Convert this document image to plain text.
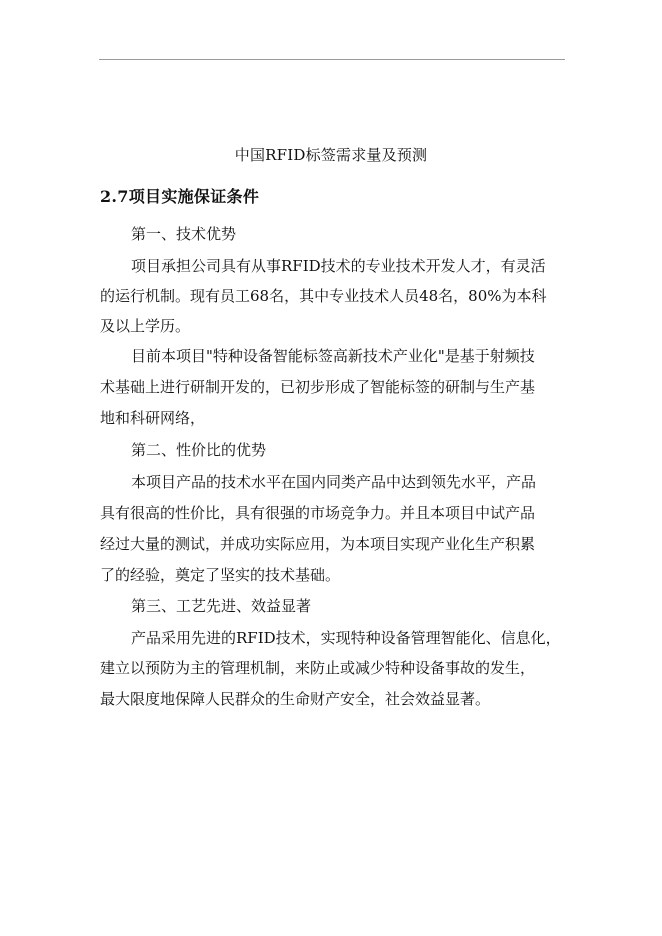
中国RFID标签需求量及预测
2.7项目实施保证条件
第一、技术优势
项目承担公司具有从事RFID技术的专业技术开发人才，有灵活
的运行机制。现有员工68名，其中专业技术人员48名，80%为本科
及以上学历。
目前本项目"特种设备智能标签高新技术产业化"是基于射频技
术基础上进行研制开发的，已初步形成了智能标签的研制与生产基
地和科研网络，
第二、性价比的优势
本项目产品的技术水平在国内同类产品中达到领先水平，产品
具有很高的性价比，具有很强的市场竞争力。并且本项目中试产品
经过大量的测试，并成功实际应用，为本项目实现产业化生产积累
了的经验，奠定了坚实的技术基础。
第三、工艺先进、效益显著
产品采用先进的RFID技术，实现特种设备管理智能化、信息化，
建立以预防为主的管理机制，来防止或减少特种设备事故的发生，
最大限度地保障人民群众的生命财产安全，社会效益显著。
